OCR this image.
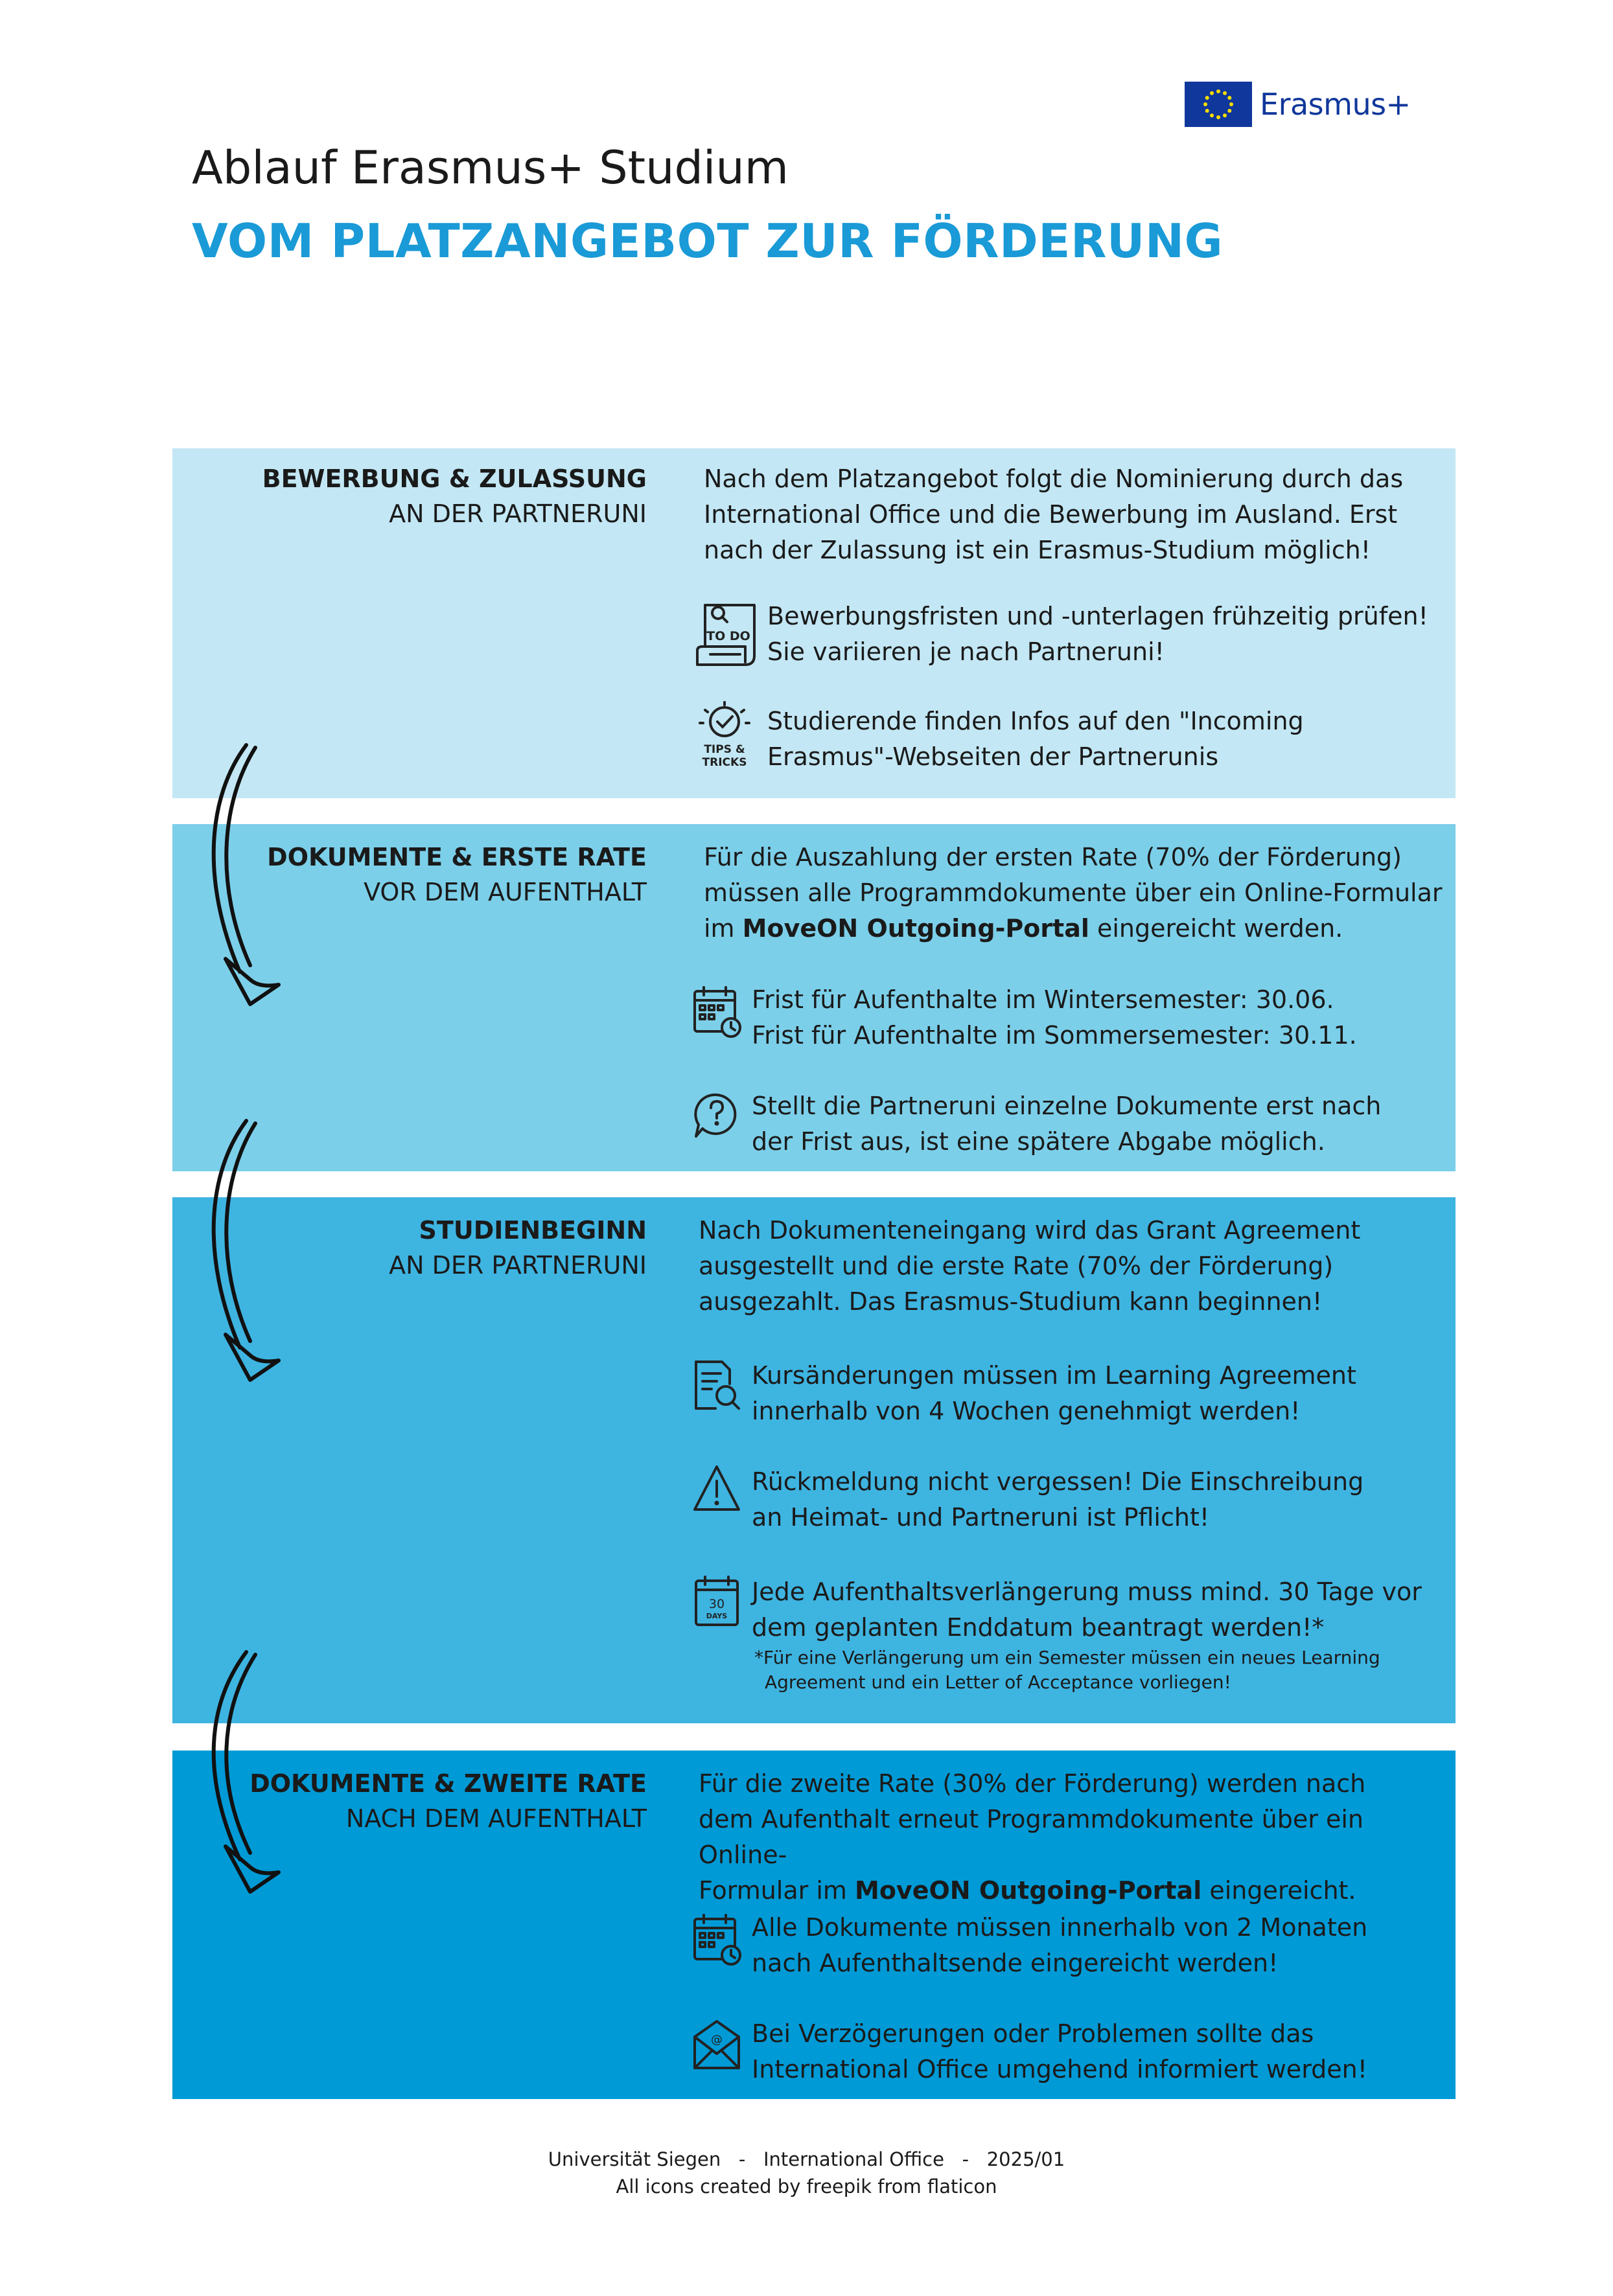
Erasmus+
Ablauf Erasmus+ Studium
VOM PLATZANGEBOT ZUR FÖRDERUNG
BEWERBUNG & ZULASSUNG
AN DER PARTNERUNI
Nach dem Platzangebot folgt die Nominierung durch das
International Office und die Bewerbung im Ausland. Erst
nach der Zulassung ist ein Erasmus-Studium möglich!
TO DO
Bewerbungsfristen und -unterlagen frühzeitig prüfen!
Sie variieren je nach Partneruni!
TIPS &
TRICKS
Studierende finden Infos auf den "Incoming
Erasmus"-Webseiten der Partnerunis
DOKUMENTE & ERSTE RATE
VOR DEM AUFENTHALT
Für die Auszahlung der ersten Rate (70% der Förderung)
müssen alle Programmdokumente über ein Online-Formular
im MoveON Outgoing-Portal eingereicht werden.
Frist für Aufenthalte im Wintersemester: 30.06.
Frist für Aufenthalte im Sommersemester: 30.11.
Stellt die Partneruni einzelne Dokumente erst nach
der Frist aus, ist eine spätere Abgabe möglich.
STUDIENBEGINN
AN DER PARTNERUNI
Nach Dokumenteneingang wird das Grant Agreement
ausgestellt und die erste Rate (70% der Förderung)
ausgezahlt. Das Erasmus-Studium kann beginnen!
Kursänderungen müssen im Learning Agreement
innerhalb von 4 Wochen genehmigt werden!
Rückmeldung nicht vergessen! Die Einschreibung
an Heimat- und Partneruni ist Pflicht!
30
DAYS
Jede Aufenthaltsverlängerung muss mind. 30 Tage vor
dem geplanten Enddatum beantragt werden!*
*Für eine Verlängerung um ein Semester müssen ein neues Learning
Agreement und ein Letter of Acceptance vorliegen!
DOKUMENTE & ZWEITE RATE
NACH DEM AUFENTHALT
Für die zweite Rate (30% der Förderung) werden nach
dem Aufenthalt erneut Programmdokumente über ein Online-
Formular im MoveON Outgoing-Portal eingereicht.
Alle Dokumente müssen innerhalb von 2 Monaten
nach Aufenthaltsende eingereicht werden!
@ Bei Verzögerungen oder Problemen sollte das
International Office umgehend informiert werden!
Universität Siegen   -   International Office   -   2025/01
All icons created by freepik from flaticon
